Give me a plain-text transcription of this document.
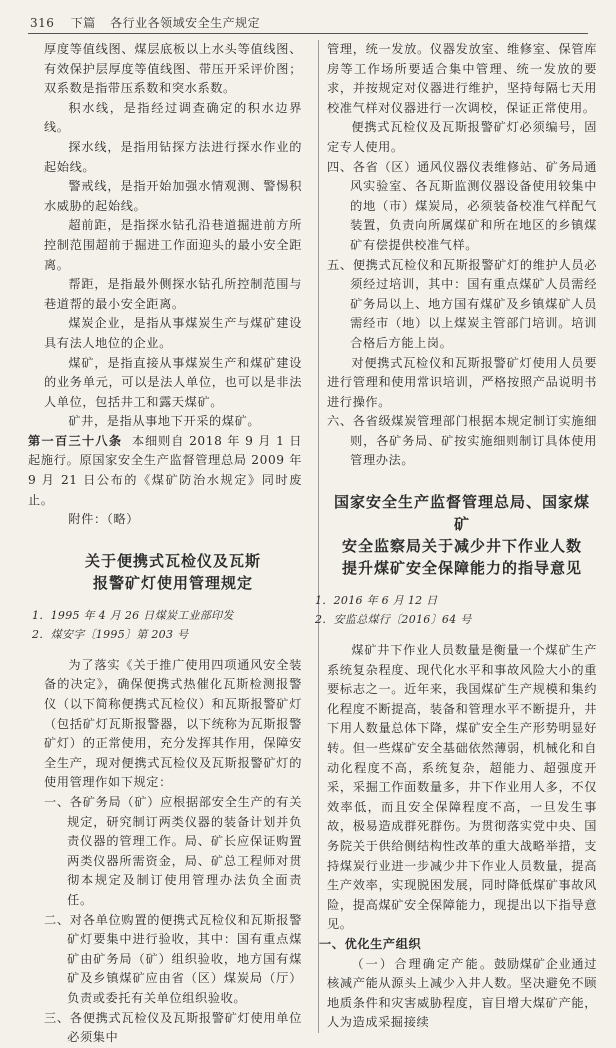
316 下篇 各行业各领域安全生产规定

厚度等值线图、煤层底板以上水头等值线图、有效保护层厚度等值线图、带压开采评价图；双系数是指带压系数和突水系数。

积水线，是指经过调查确定的积水边界线。

探水线，是指用钻探方法进行探水作业的起始线。

警戒线，是指开始加强水情观测、警惕积水威胁的起始线。

超前距，是指探水钻孔沿巷道掘进前方所控制范围超前于掘进工作面迎头的最小安全距离。

帮距，是指最外侧探水钻孔所控制范围与巷道帮的最小安全距离。

煤炭企业，是指从事煤炭生产与煤矿建设具有法人地位的企业。

煤矿，是指直接从事煤炭生产和煤矿建设的业务单元，可以是法人单位，也可以是非法人单位，包括井工和露天煤矿。

矿井，是指从事地下开采的煤矿。

第一百三十八条 本细则自 2018 年 9 月 1 日起施行。原国家安全生产监督管理总局 2009 年 9 月 21 日公布的《煤矿防治水规定》同时废止。

附件：（略）

关于便携式瓦检仪及瓦斯
报警矿灯使用管理规定
1．1995 年 4 月 26 日煤炭工业部印发
2．煤安字〔1995〕第 203 号

为了落实《关于推广使用四项通风安全装备的决定》，确保便携式热催化瓦斯检测报警仪（以下简称便携式瓦检仪）和瓦斯报警矿灯（包括矿灯瓦斯报警器，以下统称为瓦斯报警矿灯）的正常使用，充分发挥其作用，保障安全生产，现对便携式瓦检仪及瓦斯报警矿灯的使用管理作如下规定：

一、各矿务局（矿）应根据部安全生产的有关规定，研究制订两类仪器的装备计划并负责仪器的管理工作。局、矿长应保证购置两类仪器所需资金，局、矿总工程师对贯彻本规定及制订使用管理办法负全面责任。

二、对各单位购置的便携式瓦检仪和瓦斯报警矿灯要集中进行验收，其中：国有重点煤矿由矿务局（矿）组织验收，地方国有煤矿及乡镇煤矿应由省（区）煤炭局（厅）负责或委托有关单位组织验收。

三、各便携式瓦检仪及瓦斯报警矿灯使用单位必须集中

管理，统一发放。仪器发放室、维修室、保管库房等工作场所要适合集中管理、统一发放的要求，并按规定对仪器进行维护，坚持每隔七天用校准气样对仪器进行一次调校，保证正常使用。

便携式瓦检仪及瓦斯报警矿灯必须编号，固定专人使用。

四、各省（区）通风仪器仪表维修站、矿务局通风实验室、各瓦斯监测仪器设备使用较集中的地（市）煤炭局，必须装备校准气样配气装置，负责向所属煤矿和所在地区的乡镇煤矿有偿提供校准气样。

五、便携式瓦检仪和瓦斯报警矿灯的维护人员必须经过培训，其中：国有重点煤矿人员需经矿务局以上、地方国有煤矿及乡镇煤矿人员需经市（地）以上煤炭主管部门培训。培训合格后方能上岗。

对便携式瓦检仪和瓦斯报警矿灯使用人员要进行管理和使用常识培训，严格按照产品说明书进行操作。

六、各省级煤炭管理部门根据本规定制订实施细则，各矿务局、矿按实施细则制订具体使用管理办法。

国家安全生产监督管理总局、国家煤矿
安全监察局关于减少井下作业人数
提升煤矿安全保障能力的指导意见
1．2016 年 6 月 12 日
2．安监总煤行〔2016〕64 号

煤矿井下作业人员数量是衡量一个煤矿生产系统复杂程度、现代化水平和事故风险大小的重要标志之一。近年来，我国煤矿生产规模和集约化程度不断提高，装备和管理水平不断提升，井下用人数量总体下降，煤矿安全生产形势明显好转。但一些煤矿安全基础依然薄弱，机械化和自动化程度不高，系统复杂，超能力、超强度开采，采掘工作面数量多，井下作业用人多，不仅效率低，而且安全保障程度不高，一旦发生事故，极易造成群死群伤。为贯彻落实党中央、国务院关于供给侧结构性改革的重大战略举措，支持煤炭行业进一步减少井下作业人员数量，提高生产效率，实现脱困发展，同时降低煤矿事故风险，提高煤矿安全保障能力，现提出以下指导意见。

一、优化生产组织

（一）合理确定产能。鼓励煤矿企业通过核减产能从源头上减少入井人数。坚决避免不顾地质条件和灾害威胁程度，盲目增大煤矿产能，人为造成采掘接续
